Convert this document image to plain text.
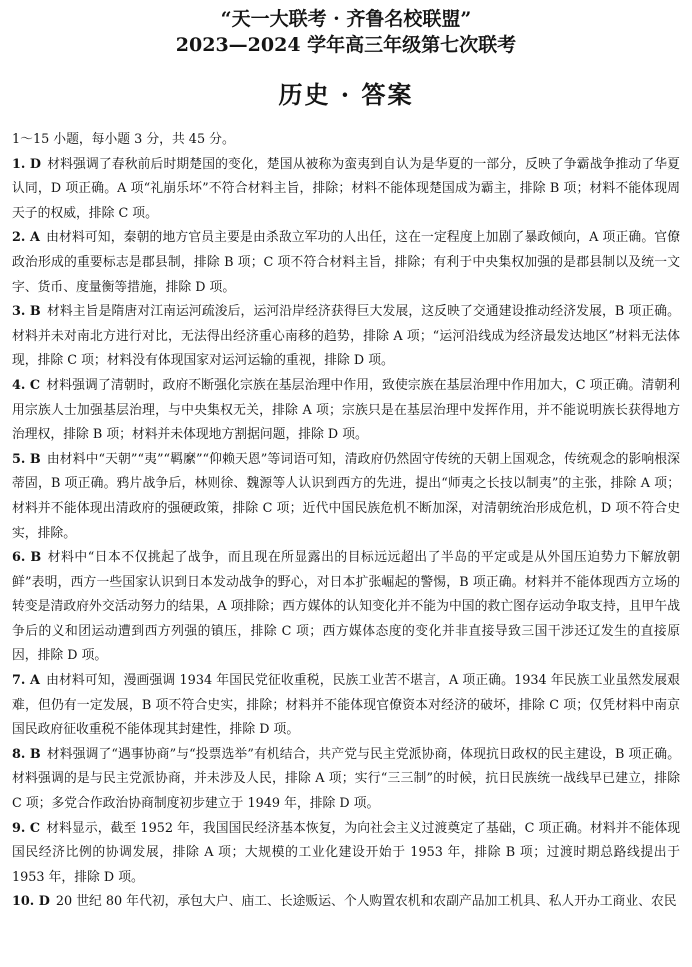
“天一大联考 · 齐鲁名校联盟”
2023—2024 学年高三年级第七次联考
历史 · 答案

1～15 小题，每小题 3 分，共 45 分。

1. D 材料强调了春秋前后时期楚国的变化，楚国从被称为蛮夷到自认为是华夏的一部分，反映了争霸战争推动了华夏认同，D 项正确。A 项“礼崩乐坏”不符合材料主旨，排除；材料不能体现楚国成为霸主，排除 B 项；材料不能体现周天子的权威，排除 C 项。

2. A 由材料可知，秦朝的地方官员主要是由杀敌立军功的人出任，这在一定程度上加剧了暴政倾向，A 项正确。官僚政治形成的重要标志是郡县制，排除 B 项；C 项不符合材料主旨，排除；有利于中央集权加强的是郡县制以及统一文字、货币、度量衡等措施，排除 D 项。

3. B 材料主旨是隋唐对江南运河疏浚后，运河沿岸经济获得巨大发展，这反映了交通建设推动经济发展，B 项正确。材料并未对南北方进行对比，无法得出经济重心南移的趋势，排除 A 项；“运河沿线成为经济最发达地区”材料无法体现，排除 C 项；材料没有体现国家对运河运输的重视，排除 D 项。

4. C 材料强调了清朝时，政府不断强化宗族在基层治理中作用，致使宗族在基层治理中作用加大，C 项正确。清朝利用宗族人士加强基层治理，与中央集权无关，排除 A 项；宗族只是在基层治理中发挥作用，并不能说明族长获得地方治理权，排除 B 项；材料并未体现地方割据问题，排除 D 项。

5. B 由材料中“天朝”“夷”“羁縻”“仰赖天恩”等词语可知，清政府仍然固守传统的天朝上国观念，传统观念的影响根深蒂固，B 项正确。鸦片战争后，林则徐、魏源等人认识到西方的先进，提出“师夷之长技以制夷”的主张，排除 A 项；材料并不能体现出清政府的强硬政策，排除 C 项；近代中国民族危机不断加深，对清朝统治形成危机，D 项不符合史实，排除。

6. B 材料中“日本不仅挑起了战争，而且现在所显露出的目标远远超出了半岛的平定或是从外国压迫势力下解放朝鲜”表明，西方一些国家认识到日本发动战争的野心，对日本扩张崛起的警惕，B 项正确。材料并不能体现西方立场的转变是清政府外交活动努力的结果，A 项排除；西方媒体的认知变化并不能为中国的救亡图存运动争取支持，且甲午战争后的义和团运动遭到西方列强的镇压，排除 C 项；西方媒体态度的变化并非直接导致三国干涉还辽发生的直接原因，排除 D 项。

7. A 由材料可知，漫画强调 1934 年国民党征收重税，民族工业苦不堪言，A 项正确。1934 年民族工业虽然发展艰难，但仍有一定发展，B 项不符合史实，排除；材料并不能体现官僚资本对经济的破坏，排除 C 项；仅凭材料中南京国民政府征收重税不能体现其封建性，排除 D 项。

8. B 材料强调了“遇事协商”与“投票选举”有机结合，共产党与民主党派协商，体现抗日政权的民主建设，B 项正确。材料强调的是与民主党派协商，并未涉及人民，排除 A 项；实行“三三制”的时候，抗日民族统一战线早已建立，排除 C 项；多党合作政治协商制度初步建立于 1949 年，排除 D 项。

9. C 材料显示，截至 1952 年，我国国民经济基本恢复，为向社会主义过渡奠定了基础，C 项正确。材料并不能体现国民经济比例的协调发展，排除 A 项；大规模的工业化建设开始于 1953 年，排除 B 项；过渡时期总路线提出于 1953 年，排除 D 项。

10. D 20 世纪 80 年代初，承包大户、庙工、长途贩运、个人购置农机和农副产品加工机具、私人开办工商业、农民
